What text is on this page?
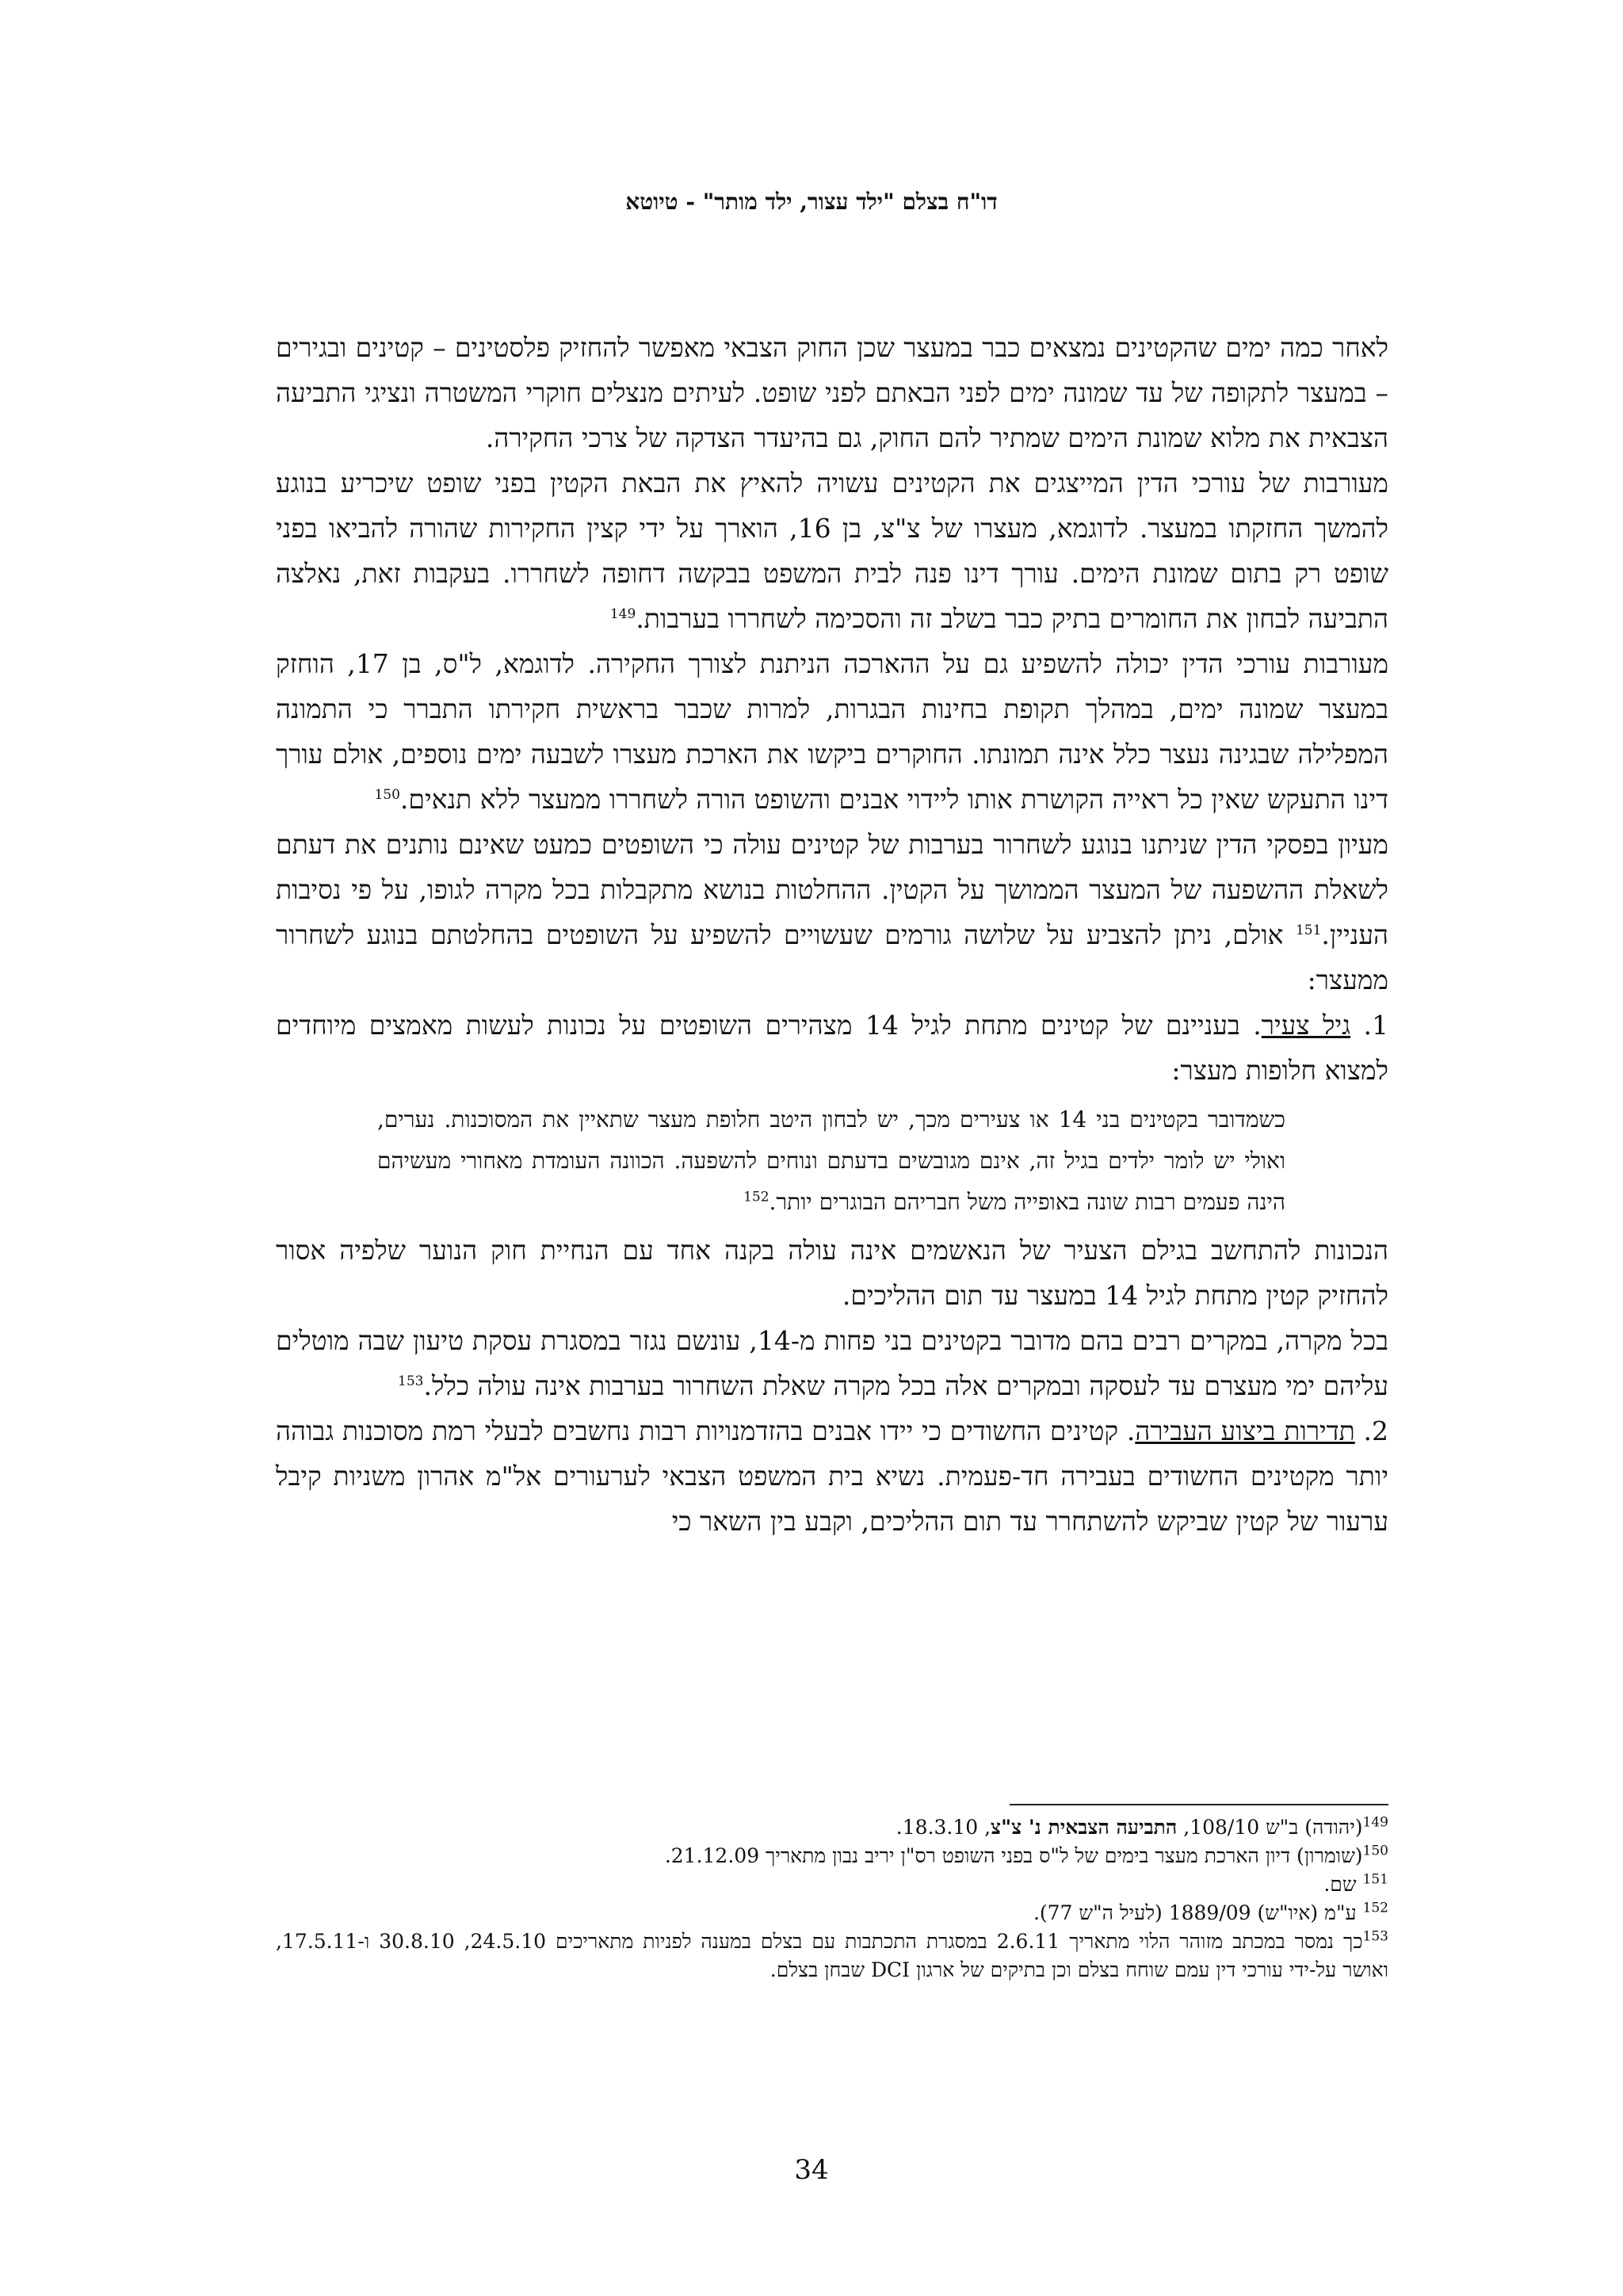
דו"ח בצלם "ילד עצור, ילד מותר" - טיוטא

לאחר כמה ימים שהקטינים נמצאים כבר במעצר שכן החוק הצבאי מאפשר להחזיק פלסטינים – קטינים ובגירים – במעצר לתקופה של עד שמונה ימים לפני הבאתם לפני שופט. לעיתים מנצלים חוקרי המשטרה ונציגי התביעה הצבאית את מלוא שמונת הימים שמתיר להם החוק, גם בהיעדר הצדקה של צרכי החקירה.

מעורבות של עורכי הדין המייצגים את הקטינים עשויה להאיץ את הבאת הקטין בפני שופט שיכריע בנוגע להמשך החזקתו במעצר. לדוגמא, מעצרו של צ"צ, בן 16, הוארך על ידי קצין החקירות שהורה להביאו בפני שופט רק בתום שמונת הימים. עורך דינו פנה לבית המשפט בבקשה דחופה לשחררו. בעקבות זאת, נאלצה התביעה לבחון את החומרים בתיק כבר בשלב זה והסכימה לשחררו בערבות.$^{149}$

מעורבות עורכי הדין יכולה להשפיע גם על ההארכה הניתנת לצורך החקירה. לדוגמא, ל"ס, בן 17, הוחזק במעצר שמונה ימים, במהלך תקופת בחינות הבגרות, למרות שכבר בראשית חקירתו התברר כי התמונה המפלילה שבגינה נעצר כלל אינה תמונתו. החוקרים ביקשו את הארכת מעצרו לשבעה ימים נוספים, אולם עורך דינו התעקש שאין כל ראייה הקושרת אותו ליידוי אבנים והשופט הורה לשחררו ממעצר ללא תנאים.$^{150}$

מעיון בפסקי הדין שניתנו בנוגע לשחרור בערבות של קטינים עולה כי השופטים כמעט שאינם נותנים את דעתם לשאלת ההשפעה של המעצר הממושך על הקטין. ההחלטות בנושא מתקבלות בכל מקרה לגופו, על פי נסיבות העניין.$^{151}$ אולם, ניתן להצביע על שלושה גורמים שעשויים להשפיע על השופטים בהחלטתם בנוגע לשחרור ממעצר:

1. גיל צעיר. בעניינם של קטינים מתחת לגיל 14 מצהירים השופטים על נכונות לעשות מאמצים מיוחדים למצוא חלופות מעצר:

כשמדובר בקטינים בני 14 או צעירים מכך, יש לבחון היטב חלופת מעצר שתאיין את המסוכנות. נערים, ואולי יש לומר ילדים בגיל זה, אינם מגובשים בדעתם ונוחים להשפעה. הכוונה העומדת מאחורי מעשיהם הינה פעמים רבות שונה באופייה משל חבריהם הבוגרים יותר.$^{152}$

הנכונות להתחשב בגילם הצעיר של הנאשמים אינה עולה בקנה אחד עם הנחיית חוק הנוער שלפיה אסור להחזיק קטין מתחת לגיל 14 במעצר עד תום ההליכים.

בכל מקרה, במקרים רבים בהם מדובר בקטינים בני פחות מ-14, עונשם נגזר במסגרת עסקת טיעון שבה מוטלים עליהם ימי מעצרם עד לעסקה ובמקרים אלה בכל מקרה שאלת השחרור בערבות אינה עולה כלל.$^{153}$

2. תדירות ביצוע העבירה. קטינים החשודים כי יידו אבנים בהזדמנויות רבות נחשבים לבעלי רמת מסוכנות גבוהה יותר מקטינים החשודים בעבירה חד-פעמית. נשיא בית המשפט הצבאי לערעורים אל"מ אהרון משניות קיבל ערעור של קטין שביקש להשתחרר עד תום ההליכים, וקבע בין השאר כי

$^{149}$(יהודה) ב"ש 108/10, התביעה הצבאית נ' צ"צ, 18.3.10.

$^{150}$(שומרון) דיון הארכת מעצר בימים של ל"ס בפני השופט רס"ן יריב נבון מתאריך 21.12.09.

$^{151}$ שם.

$^{152}$ ע"מ (איו"ש) 1889/09 (לעיל ה"ש 77).

$^{153}$כך נמסר במכתב מזוהר הלוי מתאריך 2.6.11 במסגרת התכתבות עם בצלם במענה לפניות מתאריכים 24.5.10, 30.8.10 ו-17.5.11, ואושר על-ידי עורכי דין עמם שוחח בצלם וכן בתיקים של ארגון DCI שבחן בצלם.

34
